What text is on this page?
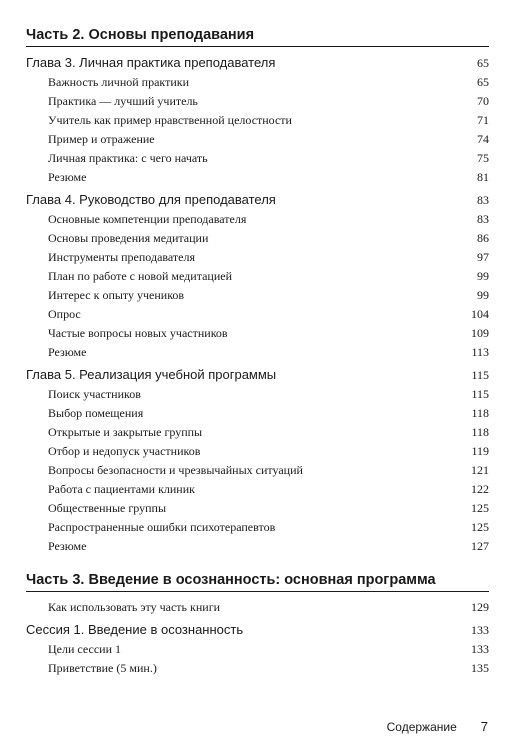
Часть 2. Основы преподавания
Глава 3. Личная практика преподавателя	65
Важность личной практики	65
Практика — лучший учитель	70
Учитель как пример нравственной целостности	71
Пример и отражение	74
Личная практика: с чего начать	75
Резюме	81
Глава 4. Руководство для преподавателя	83
Основные компетенции преподавателя	83
Основы проведения медитации	86
Инструменты преподавателя	97
План по работе с новой медитацией	99
Интерес к опыту учеников	99
Опрос	104
Частые вопросы новых участников	109
Резюме	113
Глава 5. Реализация учебной программы	115
Поиск участников	115
Выбор помещения	118
Открытые и закрытые группы	118
Отбор и недопуск участников	119
Вопросы безопасности и чрезвычайных ситуаций	121
Работа с пациентами клиник	122
Общественные группы	125
Распространенные ошибки психотерапевтов	125
Резюме	127
Часть 3. Введение в осознанность: основная программа
Как использовать эту часть книги	129
Сессия 1. Введение в осознанность	133
Цели сессии 1	133
Приветствие (5 мин.)	135
Содержание 7
